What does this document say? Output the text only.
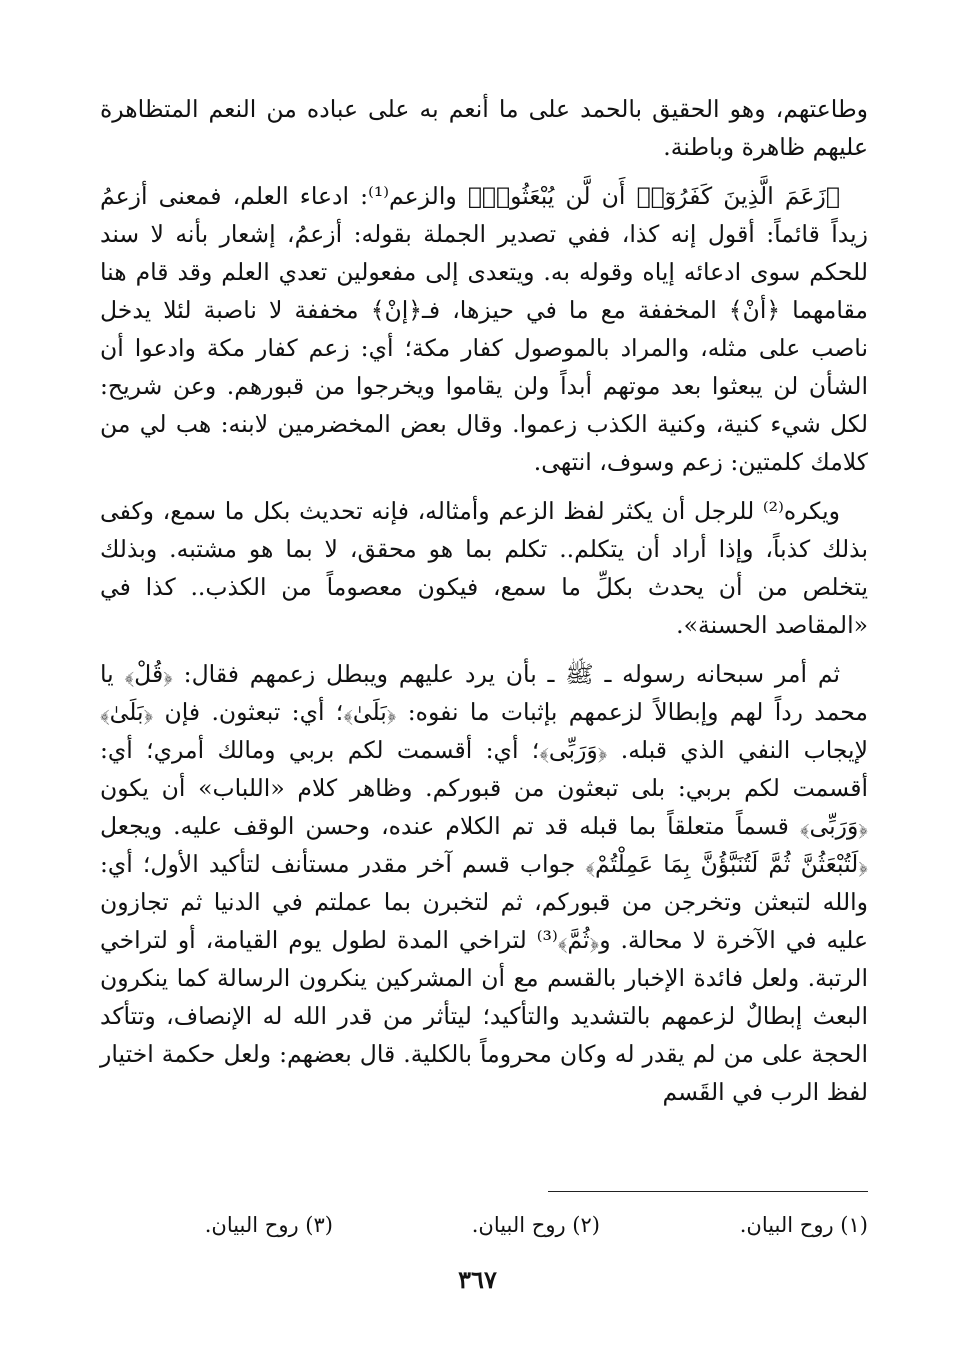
وطاعتهم، وهو الحقيق بالحمد على ما أنعم به على عباده من النعم المتظاهرة عليهم ظاهرة وباطنة.

﴿زَعَمَ الَّذِينَ كَفَرُوٓا۟ أَن لَّن يُبْعَثُوا۟﴾ والزعم⁽¹⁾: ادعاء العلم، فمعنى أزعمُ زيداً قائماً: أقول إنه كذا، ففي تصدير الجملة بقوله: أزعمُ، إشعار بأنه لا سند للحكم سوى ادعائه إياه وقوله به. ويتعدى إلى مفعولين تعدي العلم وقد قام هنا مقامهما ﴿أنْ﴾ المخففة مع ما في حيزها، فـ﴿إنْ﴾ مخففة لا ناصبة لئلا يدخل ناصب على مثله، والمراد بالموصول كفار مكة؛ أي: زعم كفار مكة وادعوا أن الشأن لن يبعثوا بعد موتهم أبداً ولن يقاموا ويخرجوا من قبورهم. وعن شريح: لكل شيء كنية، وكنية الكذب زعموا. وقال بعض المخضرمين لابنه: هب لي من كلامك كلمتين: زعم وسوف، انتهى.

ويكره⁽²⁾ للرجل أن يكثر لفظ الزعم وأمثاله، فإنه تحديث بكل ما سمع، وكفى بذلك كذباً، وإذا أراد أن يتكلم.. تكلم بما هو محقق، لا بما هو مشتبه. وبذلك يتخلص من أن يحدث بكلِّ ما سمع، فيكون معصوماً من الكذب.. كذا في «المقاصد الحسنة».

ثم أمر سبحانه رسوله ـ ﷺ ـ بأن يرد عليهم ويبطل زعمهم فقال: ﴿قُلْ﴾ يا محمد رداً لهم وإبطالاً لزعمهم بإثبات ما نفوه: ﴿بَلَىٰ﴾؛ أي: تبعثون. فإن ﴿بَلَىٰ﴾ لإيجاب النفي الذي قبله. ﴿وَرَبِّى﴾؛ أي: أقسمت لكم بربي ومالك أمري؛ أي: أقسمت لكم بربي: بلى تبعثون من قبوركم. وظاهر كلام «اللباب» أن يكون ﴿وَرَبِّى﴾ قسماً متعلقاً بما قبله قد تم الكلام عنده، وحسن الوقف عليه. ويجعل ﴿لَتُبْعَثُنَّ ثُمَّ لَتُنَبَّؤُنَّ بِمَا عَمِلْتُمْ﴾ جواب قسم آخر مقدر مستأنف لتأكيد الأول؛ أي: والله لتبعثن وتخرجن من قبوركم، ثم لتخبرن بما عملتم في الدنيا ثم تجازون عليه في الآخرة لا محالة. و﴿ثُمَّ﴾⁽³⁾ لتراخي المدة لطول يوم القيامة، أو لتراخي الرتبة. ولعل فائدة الإخبار بالقسم مع أن المشركين ينكرون الرسالة كما ينكرون البعث إبطالٌ لزعمهم بالتشديد والتأكيد؛ ليتأثر من قدر الله له الإنصاف، وتتأكد الحجة على من لم يقدر له وكان محروماً بالكلية. قال بعضهم: ولعل حكمة اختيار لفظ الرب في القَسم

(١) روح البيان.
(٢) روح البيان.
(٣) روح البيان.
٣٦٧
